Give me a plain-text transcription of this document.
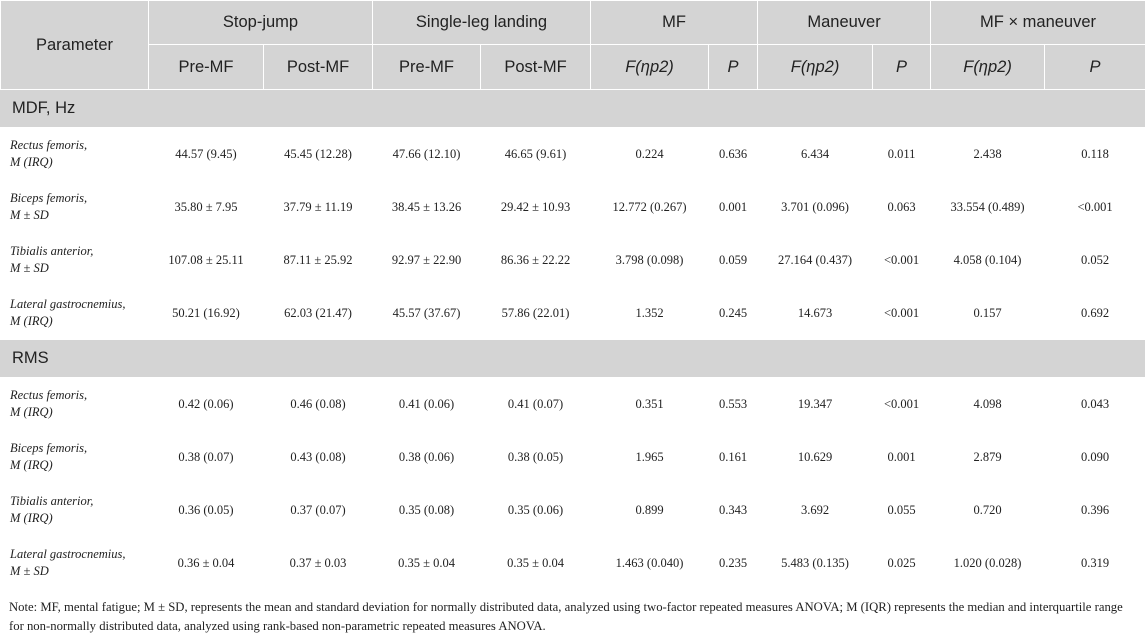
Parameter	Stop-jump		Single-leg landing		MF		Maneuver		MF × maneuver	
	Pre-MF	Post-MF	Pre-MF	Post-MF	F(ηp2)	P	F(ηp2)	P	F(ηp2)	P
MDF, Hz										
Rectus femoris,
M (IRQ)	44.57 (9.45)	45.45 (12.28)	47.66 (12.10)	46.65 (9.61)	0.224	0.636	6.434	0.011	2.438	0.118
Biceps femoris,
M ± SD	35.80 ± 7.95	37.79 ± 11.19	38.45 ± 13.26	29.42 ± 10.93	12.772 (0.267)	0.001	3.701 (0.096)	0.063	33.554 (0.489)	<0.001
Tibialis anterior,
M ± SD	107.08 ± 25.11	87.11 ± 25.92	92.97 ± 22.90	86.36 ± 22.22	3.798 (0.098)	0.059	27.164 (0.437)	<0.001	4.058 (0.104)	0.052
Lateral gastrocnemius,
M (IRQ)	50.21 (16.92)	62.03 (21.47)	45.57 (37.67)	57.86 (22.01)	1.352	0.245	14.673	<0.001	0.157	0.692
RMS										
Rectus femoris,
M (IRQ)	0.42 (0.06)	0.46 (0.08)	0.41 (0.06)	0.41 (0.07)	0.351	0.553	19.347	<0.001	4.098	0.043
Biceps femoris,
M (IRQ)	0.38 (0.07)	0.43 (0.08)	0.38 (0.06)	0.38 (0.05)	1.965	0.161	10.629	0.001	2.879	0.090
Tibialis anterior,
M (IRQ)	0.36 (0.05)	0.37 (0.07)	0.35 (0.08)	0.35 (0.06)	0.899	0.343	3.692	0.055	0.720	0.396
Lateral gastrocnemius,
M ± SD	0.36 ± 0.04	0.37 ± 0.03	0.35 ± 0.04	0.35 ± 0.04	1.463 (0.040)	0.235	5.483 (0.135)	0.025	1.020 (0.028)	0.319
Note: MF, mental fatigue; M ± SD, represents the mean and standard deviation for normally distributed data, analyzed using two-factor repeated measures ANOVA; M (IQR) represents the median and interquartile range for non-normally distributed data, analyzed using rank-based non-parametric repeated measures ANOVA.
